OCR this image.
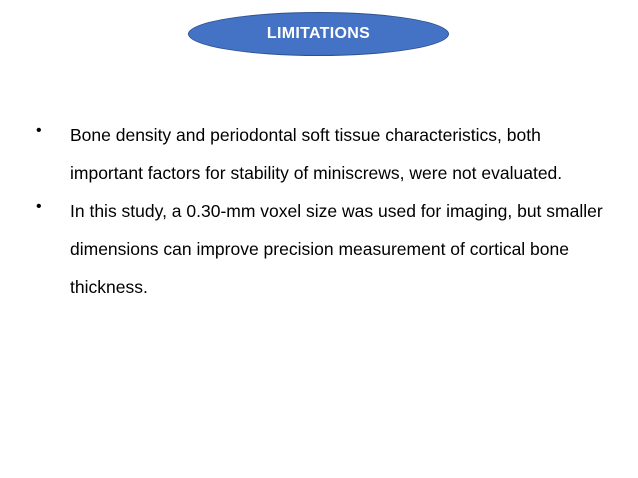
LIMITATIONS
• Bone density and periodontal soft tissue characteristics, both important factors for stability of miniscrews, were not evaluated.
• In this study, a 0.30-mm voxel size was used for imaging, but smaller dimensions can improve precision measurement of cortical bone thickness.
